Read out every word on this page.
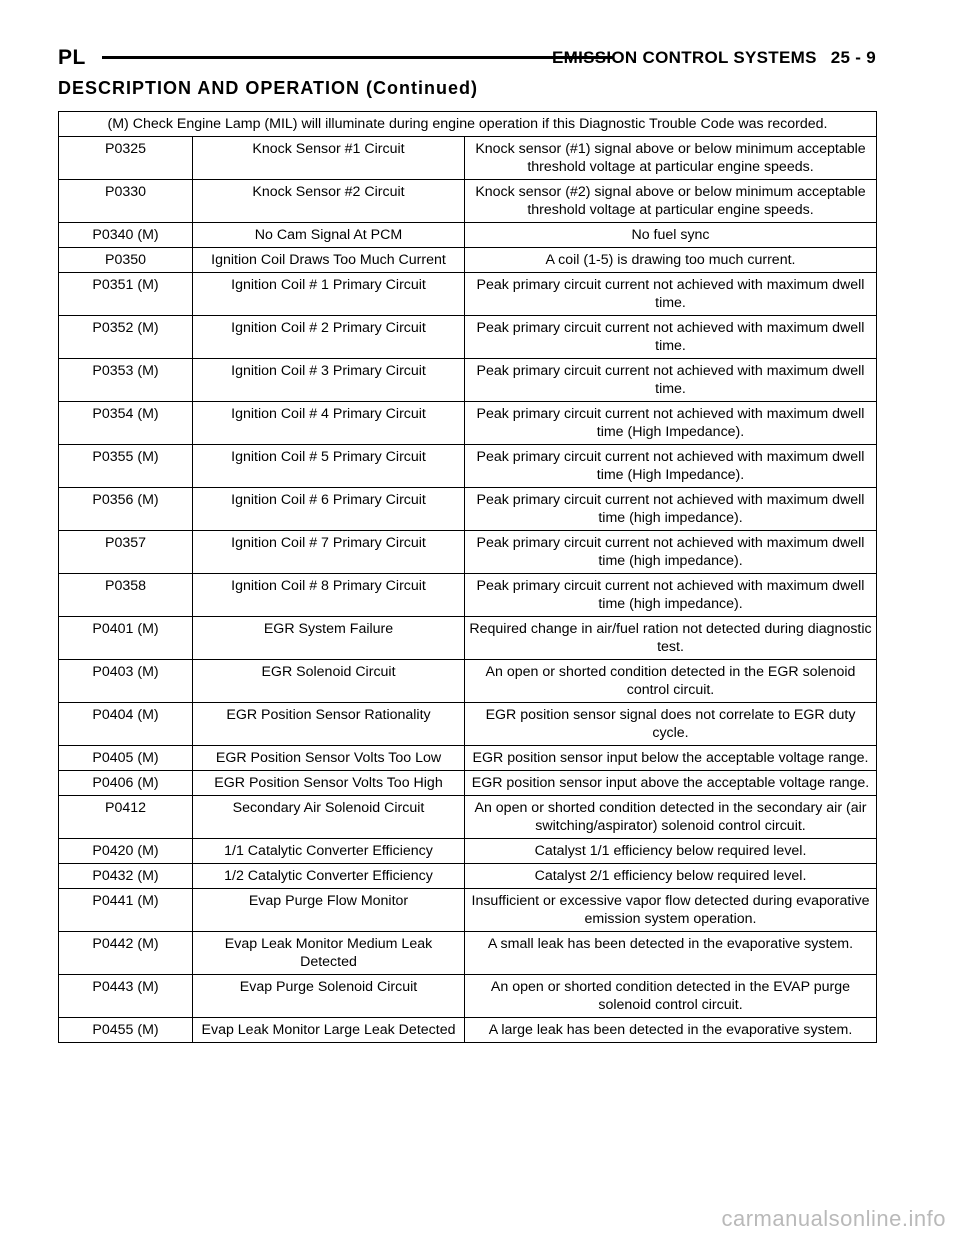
PL	EMISSION CONTROL SYSTEMS 25 - 9
DESCRIPTION AND OPERATION (Continued)
(M) Check Engine Lamp (MIL) will illuminate during engine operation if this Diagnostic Trouble Code was recorded.		
P0325	Knock Sensor #1 Circuit	Knock sensor (#1) signal above or below minimum acceptable threshold voltage at particular engine speeds.
P0330	Knock Sensor #2 Circuit	Knock sensor (#2) signal above or below minimum acceptable threshold voltage at particular engine speeds.
P0340 (M)	No Cam Signal At PCM	No fuel sync
P0350	Ignition Coil Draws Too Much Current	A coil (1-5) is drawing too much current.
P0351 (M)	Ignition Coil # 1 Primary Circuit	Peak primary circuit current not achieved with maximum dwell time.
P0352 (M)	Ignition Coil # 2 Primary Circuit	Peak primary circuit current not achieved with maximum dwell time.
P0353 (M)	Ignition Coil # 3 Primary Circuit	Peak primary circuit current not achieved with maximum dwell time.
P0354 (M)	Ignition Coil # 4 Primary Circuit	Peak primary circuit current not achieved with maximum dwell time (High Impedance).
P0355 (M)	Ignition Coil # 5 Primary Circuit	Peak primary circuit current not achieved with maximum dwell time (High Impedance).
P0356 (M)	Ignition Coil # 6 Primary Circuit	Peak primary circuit current not achieved with maximum dwell time (high impedance).
P0357	Ignition Coil # 7 Primary Circuit	Peak primary circuit current not achieved with maximum dwell time (high impedance).
P0358	Ignition Coil # 8 Primary Circuit	Peak primary circuit current not achieved with maximum dwell time (high impedance).
P0401 (M)	EGR System Failure	Required change in air/fuel ration not detected during diagnostic test.
P0403 (M)	EGR Solenoid Circuit	An open or shorted condition detected in the EGR solenoid control circuit.
P0404 (M)	EGR Position Sensor Rationality	EGR position sensor signal does not correlate to EGR duty cycle.
P0405 (M)	EGR Position Sensor Volts Too Low	EGR position sensor input below the acceptable voltage range.
P0406 (M)	EGR Position Sensor Volts Too High	EGR position sensor input above the acceptable voltage range.
P0412	Secondary Air Solenoid Circuit	An open or shorted condition detected in the secondary air (air switching/aspirator) solenoid control circuit.
P0420 (M)	1/1 Catalytic Converter Efficiency	Catalyst 1/1 efficiency below required level.
P0432 (M)	1/2 Catalytic Converter Efficiency	Catalyst 2/1 efficiency below required level.
P0441 (M)	Evap Purge Flow Monitor	Insufficient or excessive vapor flow detected during evaporative emission system operation.
P0442 (M)	Evap Leak Monitor Medium Leak Detected	A small leak has been detected in the evaporative system.
P0443 (M)	Evap Purge Solenoid Circuit	An open or shorted condition detected in the EVAP purge solenoid control circuit.
P0455 (M)	Evap Leak Monitor Large Leak Detected	A large leak has been detected in the evaporative system.
carmanualsonline.info
